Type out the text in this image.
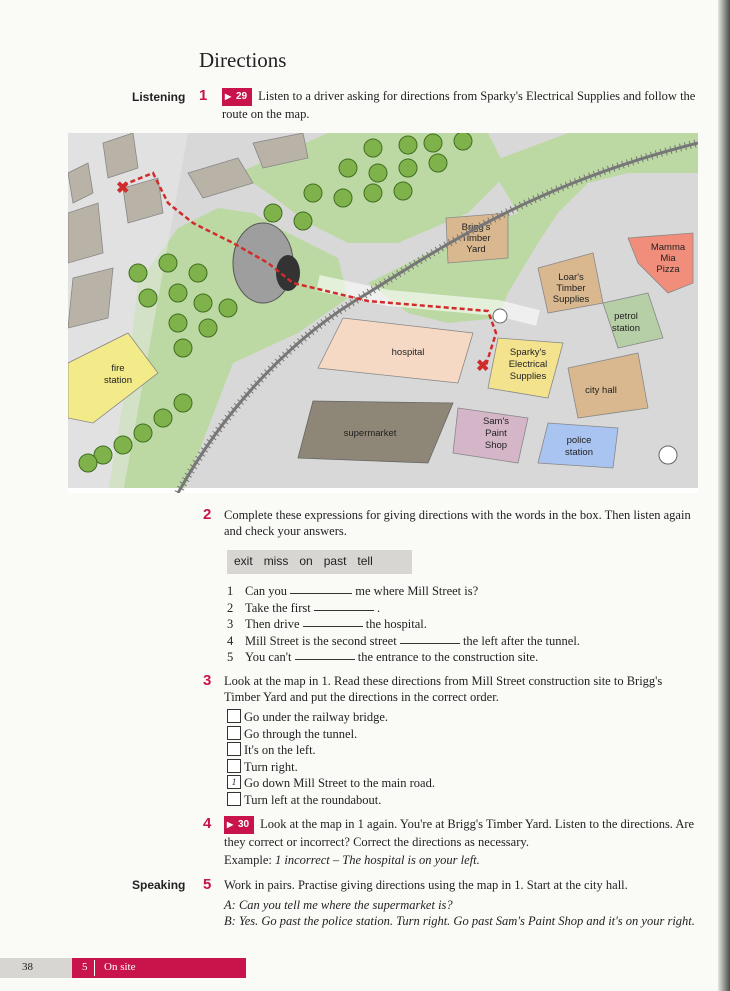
Directions
Listening 1	▶ 29 Listen to a driver asking for directions from Sparky's Electrical Supplies and follow the route on the map.
fire
station
hospital
supermarket
Brigg's
Timber
Yard
Loar's
Timber
Supplies
Mamma
Mia
Pizza
petrol
station
Sparky's
Electrical
Supplies
city hall
Sam's
Paint
Shop	police
station
✖
✖
2 Complete these expressions for giving directions with the words in the box. Then listen again and check your answers.
exit miss on past tell
1 Can you

	me where Mill Street is?
2 Take the first

	.
3 Then drive

	the hospital.
4 Mill Street is the second street

	the left after the tunnel.
5 You can't

	the entrance to the construction site.
3 Look at the map in 1. Read these directions from Mill Street construction site to Brigg's Timber Yard and put the directions in the correct order.
Go under the railway bridge.
Go through the tunnel.
It's on the left.
Turn right.
1 Go down Mill Street to the main road.
Turn left at the roundabout.
4	▶ 30 Look at the map in 1 again. You're at Brigg's Timber Yard. Listen to the directions. Are they correct or incorrect? Correct the directions as necessary.
Example: 1 incorrect – The hospital is on your left.
Speaking 5 Work in pairs. Practise giving directions using the map in 1. Start at the city hall.
A: Can you tell me where the supermarket is?
B: Yes. Go past the police station. Turn right. Go past Sam's Paint Shop and it's on your right.
38	5 On site
